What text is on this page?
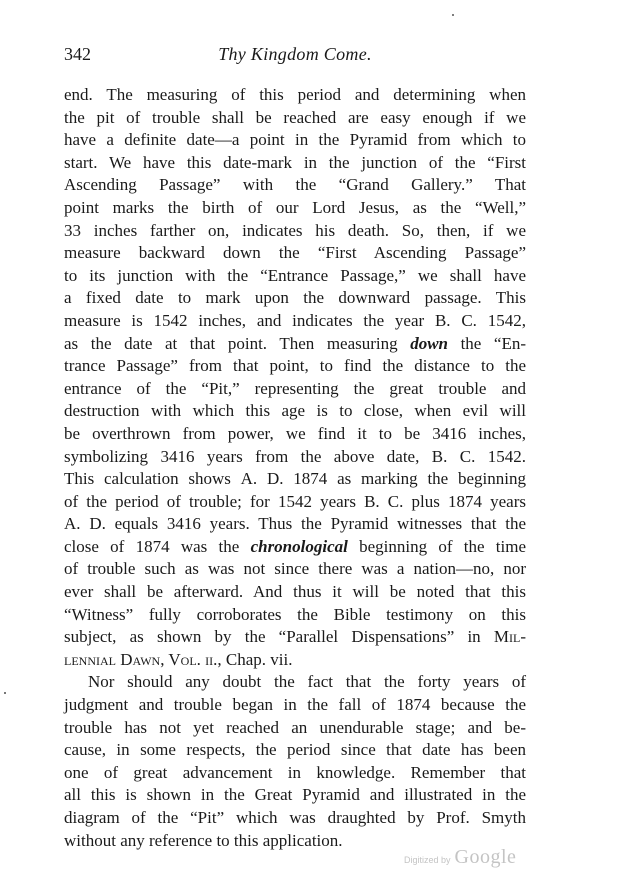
342	Thy Kingdom Come.
end. The measuring of this period and determining when
the pit of trouble shall be reached are easy enough if we
have a definite date—a point in the Pyramid from which to
start. We have this date-mark in the junction of the “First
Ascending Passage” with the “Grand Gallery.” That
point marks the birth of our Lord Jesus, as the “Well,”
33 inches farther on, indicates his death. So, then, if we
measure backward down the “First Ascending Passage”
to its junction with the “Entrance Passage,” we shall have
a fixed date to mark upon the downward passage. This
measure is 1542 inches, and indicates the year B. C. 1542,
as the date at that point. Then measuring down the “En-
trance Passage” from that point, to find the distance to the
entrance of the “Pit,” representing the great trouble and
destruction with which this age is to close, when evil will
be overthrown from power, we find it to be 3416 inches,
symbolizing 3416 years from the above date, B. C. 1542.
This calculation shows A. D. 1874 as marking the beginning
of the period of trouble; for 1542 years B. C. plus 1874 years
A. D. equals 3416 years. Thus the Pyramid witnesses that the
close of 1874 was the chronological beginning of the time
of trouble such as was not since there was a nation—no, nor
ever shall be afterward. And thus it will be noted that this
“Witness” fully corroborates the Bible testimony on this
subject, as shown by the “Parallel Dispensations” in Mil-
lennial Dawn, Vol. ii., Chap. vii.
Nor should any doubt the fact that the forty years of
judgment and trouble began in the fall of 1874 because the
trouble has not yet reached an unendurable stage; and be-
cause, in some respects, the period since that date has been
one of great advancement in knowledge. Remember that
all this is shown in the Great Pyramid and illustrated in the
diagram of the “Pit” which was draughted by Prof. Smyth
without any reference to this application.
Digitized by Google
